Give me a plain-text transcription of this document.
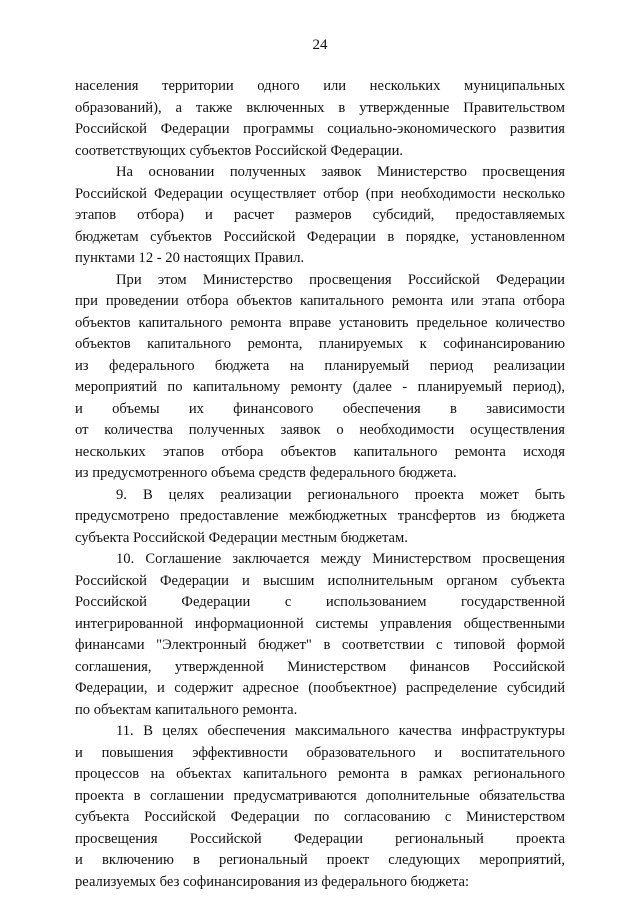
24
населения территории одного или нескольких муниципальных
образований), а также включенных в утвержденные Правительством
Российской Федерации программы социально-экономического развития
соответствующих субъектов Российской Федерации.
На основании полученных заявок Министерство просвещения
Российской Федерации осуществляет отбор (при необходимости несколько
этапов отбора) и расчет размеров субсидий, предоставляемых
бюджетам субъектов Российской Федерации в порядке, установленном
пунктами 12 - 20 настоящих Правил.
При этом Министерство просвещения Российской Федерации
при проведении отбора объектов капитального ремонта или этапа отбора
объектов капитального ремонта вправе установить предельное количество
объектов капитального ремонта, планируемых к софинансированию
из федерального бюджета на планируемый период реализации
мероприятий по капитальному ремонту (далее - планируемый период),
и объемы их финансового обеспечения в зависимости
от количества полученных заявок о необходимости осуществления
нескольких этапов отбора объектов капитального ремонта исходя
из предусмотренного объема средств федерального бюджета.
9. В целях реализации регионального проекта может быть
предусмотрено предоставление межбюджетных трансфертов из бюджета
субъекта Российской Федерации местным бюджетам.
10. Соглашение заключается между Министерством просвещения
Российской Федерации и высшим исполнительным органом субъекта
Российской Федерации с использованием государственной
интегрированной информационной системы управления общественными
финансами "Электронный бюджет" в соответствии с типовой формой
соглашения, утвержденной Министерством финансов Российской
Федерации, и содержит адресное (пообъектное) распределение субсидий
по объектам капитального ремонта.
11. В целях обеспечения максимального качества инфраструктуры
и повышения эффективности образовательного и воспитательного
процессов на объектах капитального ремонта в рамках регионального
проекта в соглашении предусматриваются дополнительные обязательства
субъекта Российской Федерации по согласованию с Министерством
просвещения Российской Федерации региональный проекта
и включению в региональный проект следующих мероприятий,
реализуемых без софинансирования из федерального бюджета:
